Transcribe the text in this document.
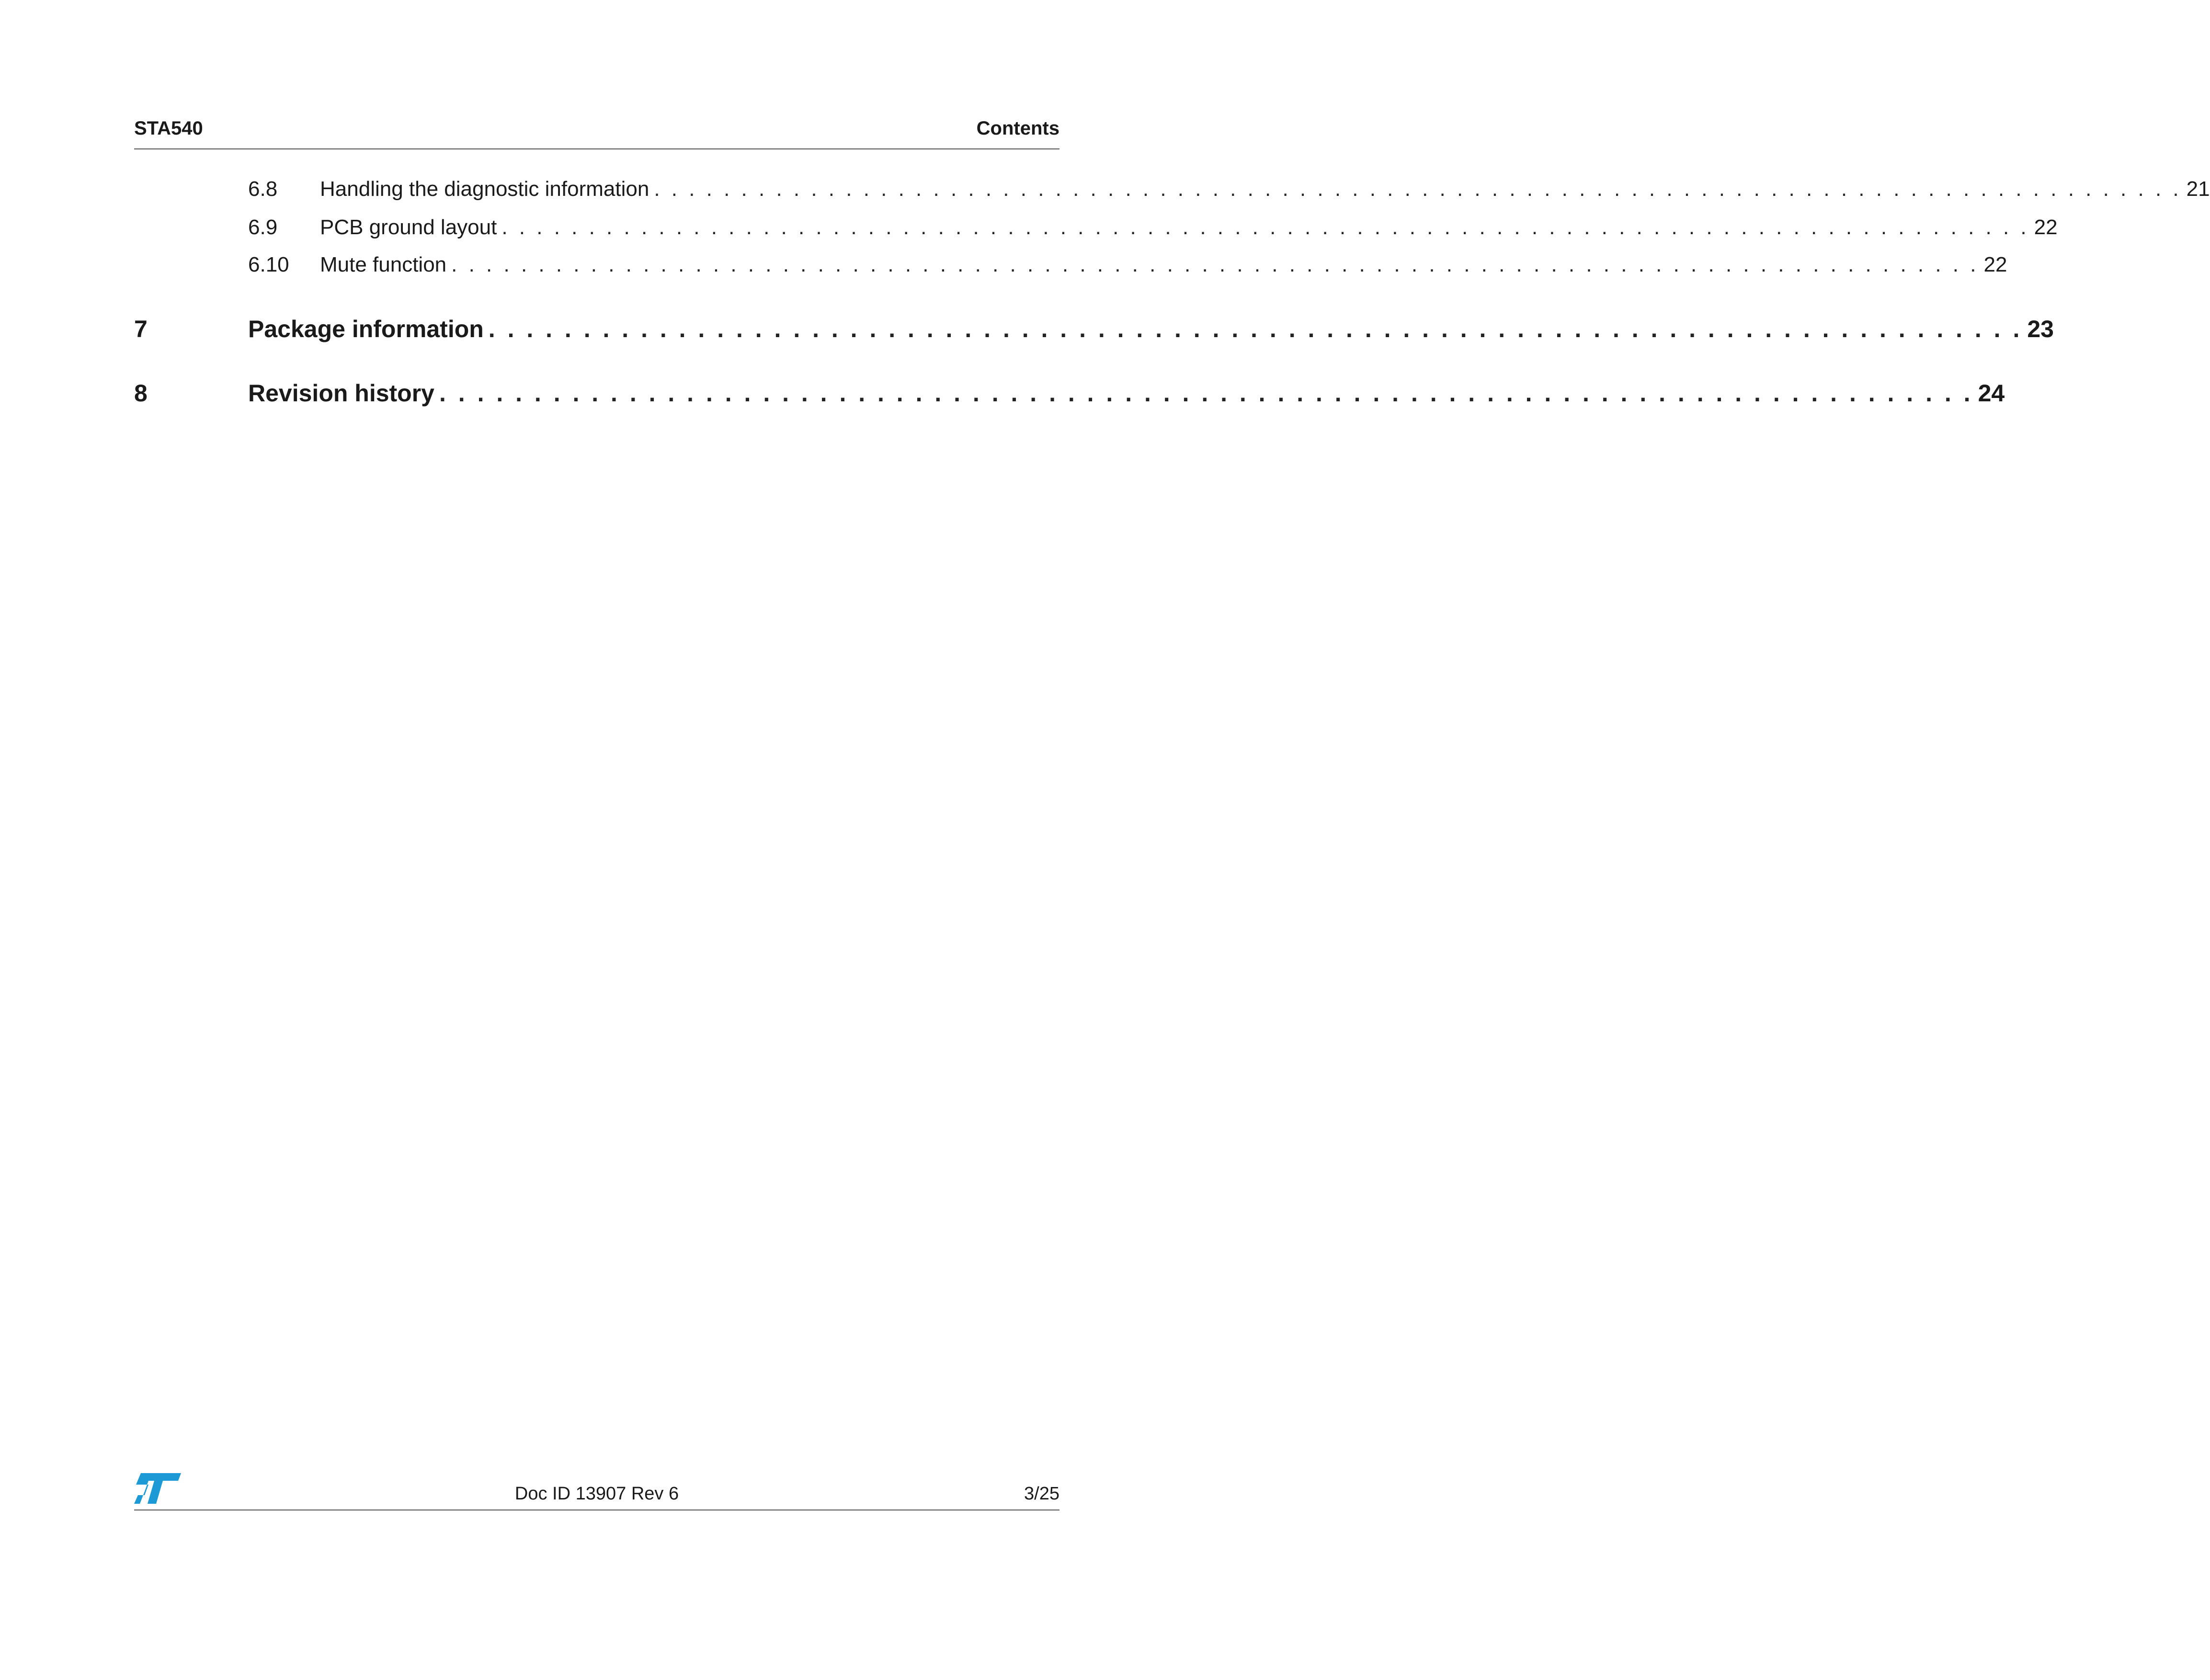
STA540	Contents
6.8	Handling the diagnostic information . . . . . . . . . . . . . . . . . . . . . . . . . . . . . . . . . . . . . . . . . . . . . . . . . . . . . . . . . . . . . . . . . . . . . . . . . . . . . . . . . . . . . . . . 21
6.9	PCB ground layout . . . . . . . . . . . . . . . . . . . . . . . . . . . . . . . . . . . . . . . . . . . . . . . . . . . . . . . . . . . . . . . . . . . . . . . . . . . . . . . . . . . . . . . . 22
6.10	Mute function . . . . . . . . . . . . . . . . . . . . . . . . . . . . . . . . . . . . . . . . . . . . . . . . . . . . . . . . . . . . . . . . . . . . . . . . . . . . . . . . . . . . . . . . 22
7	Package information . . . . . . . . . . . . . . . . . . . . . . . . . . . . . . . . . . . . . . . . . . . . . . . . . . . . . . . . . . . . . . . . . . . . . . . . . . . . . . . . . 23
8	Revision history . . . . . . . . . . . . . . . . . . . . . . . . . . . . . . . . . . . . . . . . . . . . . . . . . . . . . . . . . . . . . . . . . . . . . . . . . . . . . . . . . 24
Doc ID 13907 Rev 6	3/25
